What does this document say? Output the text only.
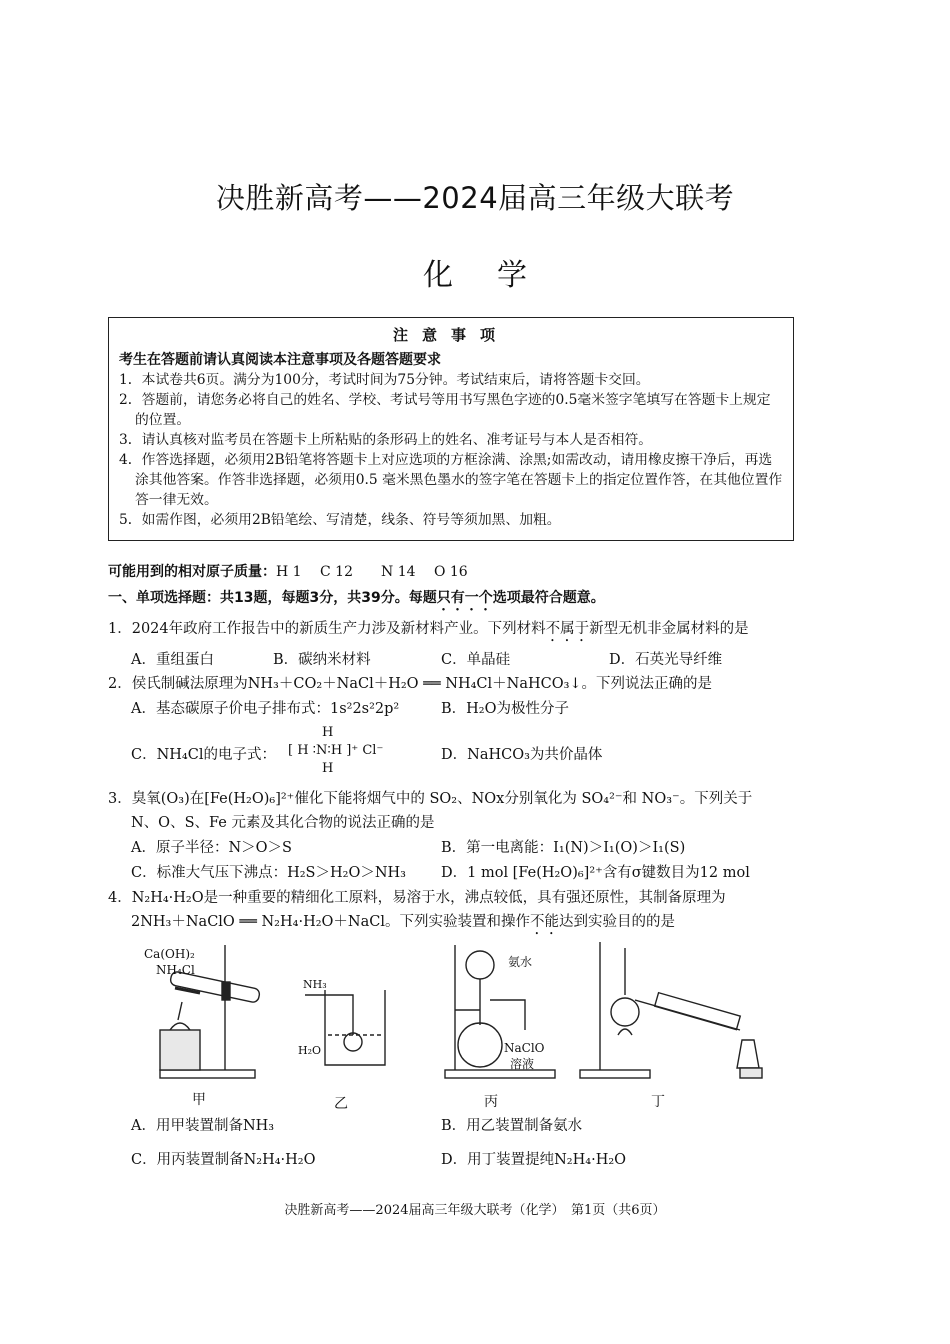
决胜新高考——2024届高三年级大联考
化学
注意事项
考生在答题前请认真阅读本注意事项及各题答题要求
1．本试卷共6页。满分为100分，考试时间为75分钟。考试结束后，请将答题卡交回。
2．答题前，请您务必将自己的姓名、学校、考试号等用书写黑色字迹的0.5毫米签字笔填写在答题卡上规定的位置。
3．请认真核对监考员在答题卡上所粘贴的条形码上的姓名、准考证号与本人是否相符。
4．作答选择题，必须用2B铅笔将答题卡上对应选项的方框涂满、涂黑;如需改动，请用橡皮擦干净后，再选涂其他答案。作答非选择题，必须用0.5 毫米黑色墨水的签字笔在答题卡上的指定位置作答，在其他位置作答一律无效。
5．如需作图，必须用2B铅笔绘、写清楚，线条、符号等须加黑、加粗。
可能用到的相对原子质量：H 1　 C 12　　N 14　 O 16
一、单项选择题：共13题，每题3分，共39分。每题只有一个选项最符合题意。
1．2024年政府工作报告中的新质生产力涉及新材料产业。下列材料不属于新型无机非金属材料的是
A．重组蛋白	B．碳纳米材料	C．单晶硅	D．石英光导纤维
2．侯氏制碱法原理为NH₃＋CO₂＋NaCl＋H₂O ══ NH₄Cl＋NaHCO₃↓。下列说法正确的是
A．基态碳原子价电子排布式：1s²2s²2p²	B．H₂O为极性分子
C．NH₄Cl的电子式：
H
[ H ∶N∶H ]⁺ Cl⁻
H
D．NaHCO₃为共价晶体
3．臭氧(O₃)在[Fe(H₂O)₆]²⁺催化下能将烟气中的 SO₂、NOx分别氧化为 SO₄²⁻和 NO₃⁻。下列关于
N、O、S、Fe 元素及其化合物的说法正确的是
A．原子半径：N＞O＞S	B．第一电离能：I₁(N)＞I₁(O)＞I₁(S)
C．标准大气压下沸点：H₂S＞H₂O＞NH₃ D．1 mol [Fe(H₂O)₆]²⁺含有σ键数目为12 mol
4．N₂H₄·H₂O是一种重要的精细化工原料，易溶于水，沸点较低，具有强还原性，其制备原理为
2NH₃＋NaClO ══ N₂H₄·H₂O＋NaCl。下列实验装置和操作不能达到实验目的的是
Ca(OH)₂
NH₄Cl
NH₃
H₂O
氨水
NaClO
溶液
甲	乙	丙	丁
A．用甲装置制备NH₃	B．用乙装置制备氨水
C．用丙装置制备N₂H₄·H₂O	D．用丁装置提纯N₂H₄·H₂O
决胜新高考——2024届高三年级大联考（化学）　第1页（共6页）
